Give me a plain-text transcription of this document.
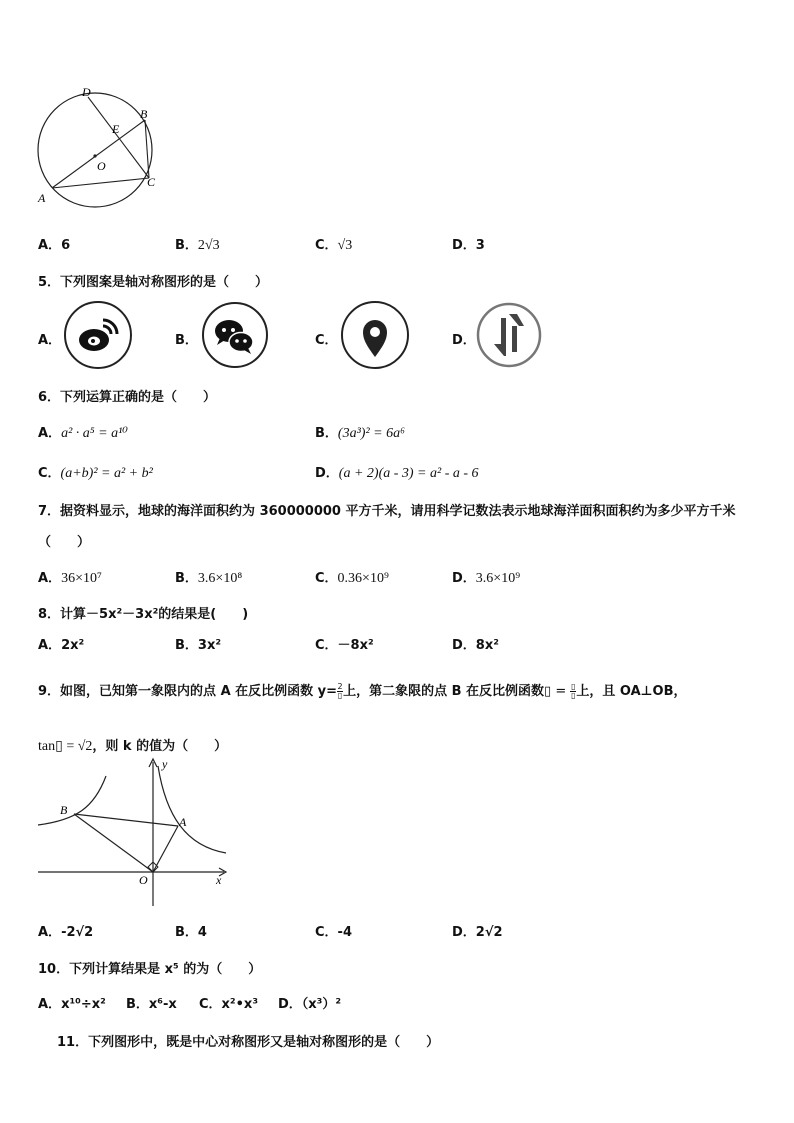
D
B
E
O
C
A
A．6	B．2√3	C．√3	D．3
5．下列图案是轴对称图形的是（　　）
A．	B．	C．	D．
6．下列运算正确的是（　　）
A．a² · a⁵ = a¹⁰	B．(3a³)² = 6a⁶
C．(a+b)² = a² + b²	D．(a + 2)(a - 3) = a² - a - 6
7．据资料显示，地球的海洋面积约为 360000000 平方千米，请用科学记数法表示地球海洋面积面积约为多少平方千米
（　　）
A．36×10⁷	B．3.6×10⁸	C．0.36×10⁹	D．3.6×10⁹
8．计算－5x²－3x²的结果是(　　)
A．2x²	B．3x²	C．－8x²	D．8x²
9．如图，已知第一象限内的点 A 在反比例函数 y=2
▯上，第二象限的点 B 在反比例函数▯ = ▯
▯上，且 OA⊥OB，
tan▯ = √2，则 k 的值为（　　）
y
x
B
A
O
A．-2√2	B．4	C．-4	D．2√2
10．下列计算结果是 x⁵ 的为（　　）
A．x¹⁰÷x² B．x⁶-x C．x²•x³ D．（x³）²
11．下列图形中，既是中心对称图形又是轴对称图形的是（　　）
